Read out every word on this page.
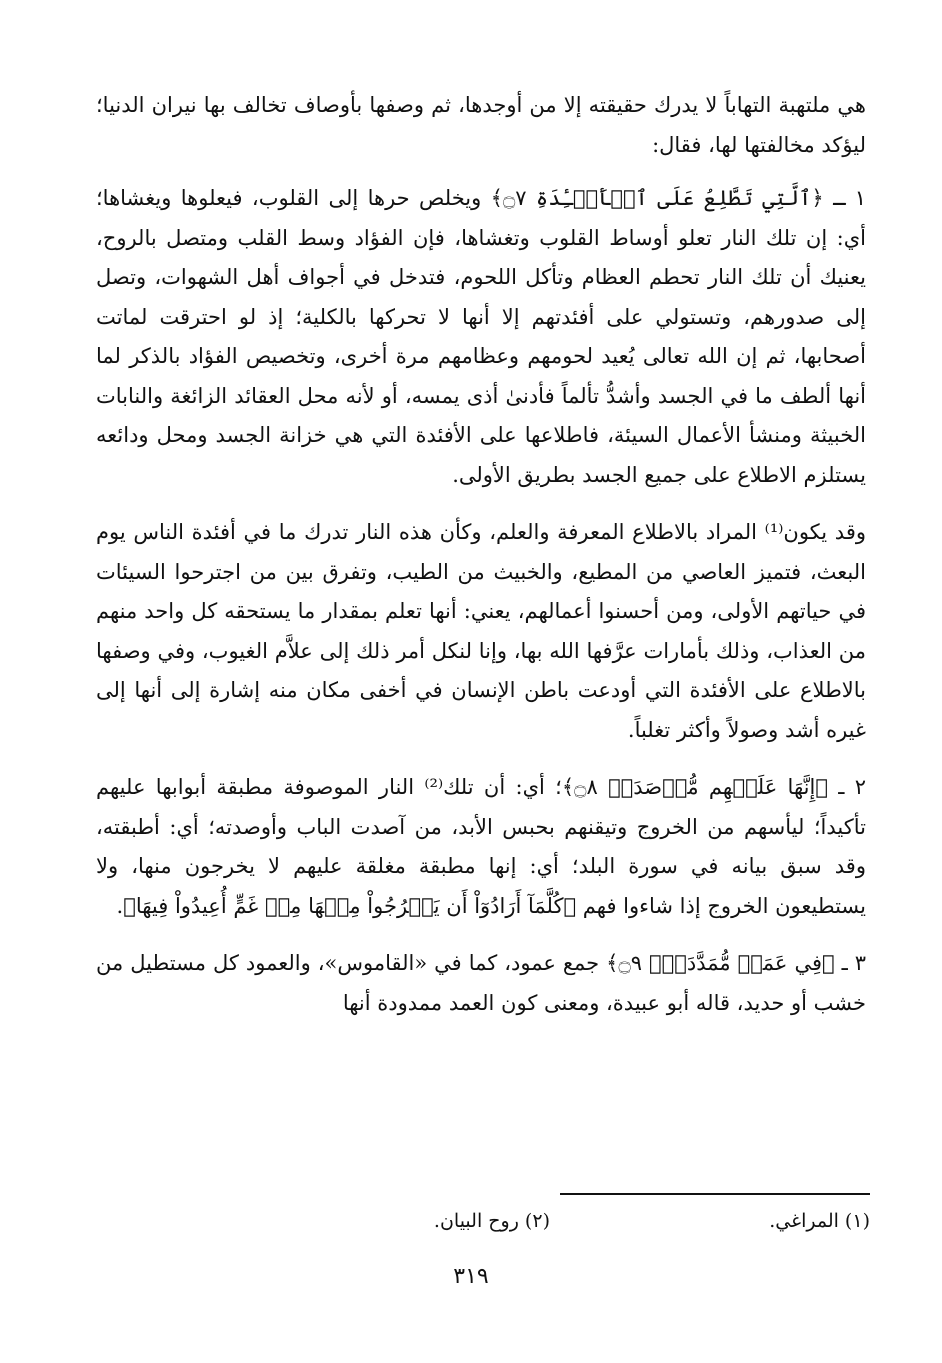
هي ملتهبة التهاباً لا يدرك حقيقته إلا من أوجدها، ثم وصفها بأوصاف تخالف بها نيران الدنيا؛ ليؤكد مخالفتها لها، فقال:

١ ـ ﴿ٱلَّتِي تَطَّلِعُ عَلَى ٱلۡأَفۡـِٔدَةِ ۝٧﴾ ويخلص حرها إلى القلوب، فيعلوها ويغشاها؛ أي: إن تلك النار تعلو أوساط القلوب وتغشاها، فإن الفؤاد وسط القلب ومتصل بالروح، يعنيك أن تلك النار تحطم العظام وتأكل اللحوم، فتدخل في أجواف أهل الشهوات، وتصل إلى صدورهم، وتستولي على أفئدتهم إلا أنها لا تحركها بالكلية؛ إذ لو احترقت لماتت أصحابها، ثم إن الله تعالى يُعيد لحومهم وعظامهم مرة أخرى، وتخصيص الفؤاد بالذكر لما أنها ألطف ما في الجسد وأشدُّ تألماً فأدنىٰ أذى يمسه، أو لأنه محل العقائد الزائغة والنابات الخبيثة ومنشأ الأعمال السيئة، فاطلاعها على الأفئدة التي هي خزانة الجسد ومحل ودائعه يستلزم الاطلاع على جميع الجسد بطريق الأولى.

وقد يكون⁽¹⁾ المراد بالاطلاع المعرفة والعلم، وكأن هذه النار تدرك ما في أفئدة الناس يوم البعث، فتميز العاصي من المطيع، والخبيث من الطيب، وتفرق بين من اجترحوا السيئات في حياتهم الأولى، ومن أحسنوا أعمالهم، يعني: أنها تعلم بمقدار ما يستحقه كل واحد منهم من العذاب، وذلك بأمارات عرَّفها الله بها، وإنا لنكل أمر ذلك إلى علاَّم الغيوب، وفي وصفها بالاطلاع على الأفئدة التي أودعت باطن الإنسان في أخفى مكان منه إشارة إلى أنها إلى غيره أشد وصولاً وأكثر تغلباً.

٢ ـ ﴿إِنَّهَا عَلَيۡهِم مُّؤۡصَدَةٞ ۝٨﴾؛ أي: أن تلك⁽²⁾ النار الموصوفة مطبقة أبوابها عليهم تأكيداً؛ ليأسهم من الخروج وتيقنهم بحبس الأبد، من آصدت الباب وأوصدته؛ أي: أطبقته، وقد سبق بيانه في سورة البلد؛ أي: إنها مطبقة مغلقة عليهم لا يخرجون منها، ولا يستطيعون الخروج إذا شاءوا فهم ﴿كُلَّمَآ أَرَادُوٓاْ أَن يَخۡرُجُواْ مِنۡهَا مِنۡ غَمٍّ أُعِيدُواْ فِيهَا﴾.

٣ ـ ﴿فِي عَمَدٖ مُّمَدَّدَةِۭ ۝٩﴾ جمع عمود، كما في «القاموس»، والعمود كل مستطيل من خشب أو حديد، قاله أبو عبيدة، ومعنى كون العمد ممدودة أنها

(١) المراغي.
(٢) روح البيان.
٣١٩
